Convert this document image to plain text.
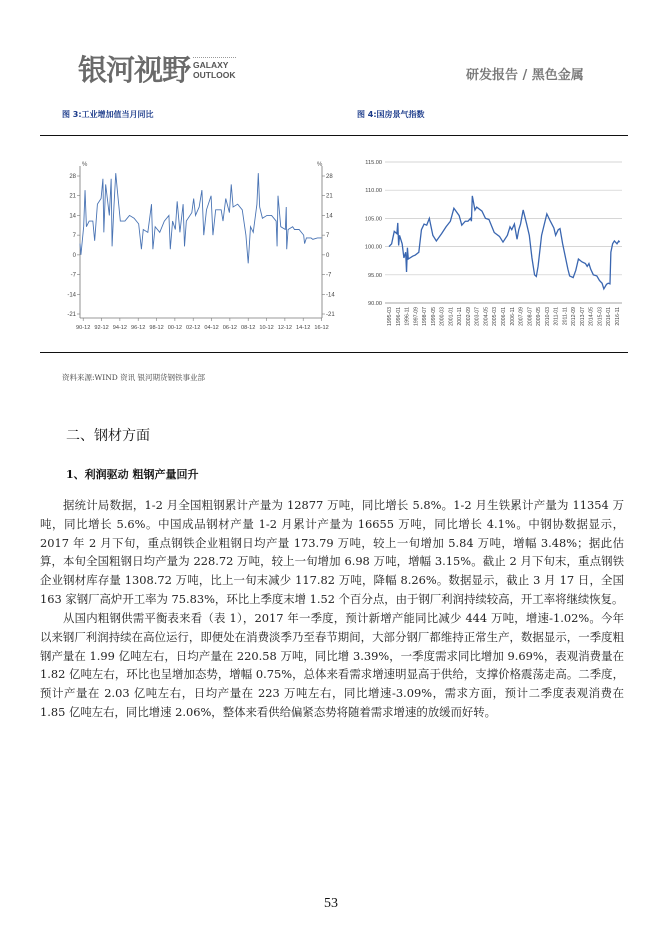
银河视野 GALAXY
OUTLOOK	研发报告 / 黑色金属
图 3:工业增加值当月同比	图 4:国房景气指数
%	%
28	28
21	21
14	14
7	7
0	0
-7	-7
-14	-14
-21	-21
90-12 92-12 94-12 96-12 98-12 00-12 02-12 04-12 06-12 08-12 10-12 12-12 14-12 16-12
115.00
110.00
105.00
100.00
95.00
90.00
1995-03 1996-01 1996-11 1997-09 1998-07 1999-05 2000-03 2001-01 2001-11 2002-09 2003-07 2004-05 2005-03 2006-01 2006-11 2007-09 2008-07 2009-05 2010-03 2011-01 2011-11 2012-09 2013-07 2014-05 2015-03 2016-01 2016-11
资料来源:WIND 资讯 银河期货钢铁事业部
二、钢材方面
1、利润驱动 粗钢产量回升
据统计局数据，1-2 月全国粗钢累计产量为 12877 万吨，同比增长 5.8%。1-2 月生铁累计产量为 11354 万吨，同比增长 5.6%。中国成品钢材产量 1-2 月累计产量为 16655 万吨，同比增长 4.1%。中钢协数据显示，2017 年 2 月下旬，重点钢铁企业粗钢日均产量 173.79 万吨，较上一旬增加 5.84 万吨，增幅 3.48%；据此估算，本旬全国粗钢日均产量为 228.72 万吨，较上一旬增加 6.98 万吨，增幅 3.15%。截止 2 月下旬末，重点钢铁企业钢材库存量 1308.72 万吨，比上一旬末减少 117.82 万吨，降幅 8.26%。数据显示，截止 3 月 17 日，全国 163 家钢厂高炉开工率为 75.83%，环比上季度末增 1.52 个百分点，由于钢厂利润持续较高，开工率将继续恢复。
从国内粗钢供需平衡表来看（表 1），2017 年一季度，预计新增产能同比减少 444 万吨，增速-1.02%。今年以来钢厂利润持续在高位运行，即便处在消费淡季乃至春节期间，大部分钢厂都维持正常生产，数据显示，一季度粗钢产量在 1.99 亿吨左右，日均产量在 220.58 万吨，同比增 3.39%，一季度需求同比增加 9.69%，表观消费量在 1.82 亿吨左右，环比也呈增加态势，增幅 0.75%，总体来看需求增速明显高于供给，支撑价格震荡走高。二季度，预计产量在 2.03 亿吨左右，日均产量在 223 万吨左右，同比增速-3.09%，需求方面，预计二季度表观消费在 1.85 亿吨左右，同比增速 2.06%，整体来看供给偏紧态势将随着需求增速的放缓而好转。
53
